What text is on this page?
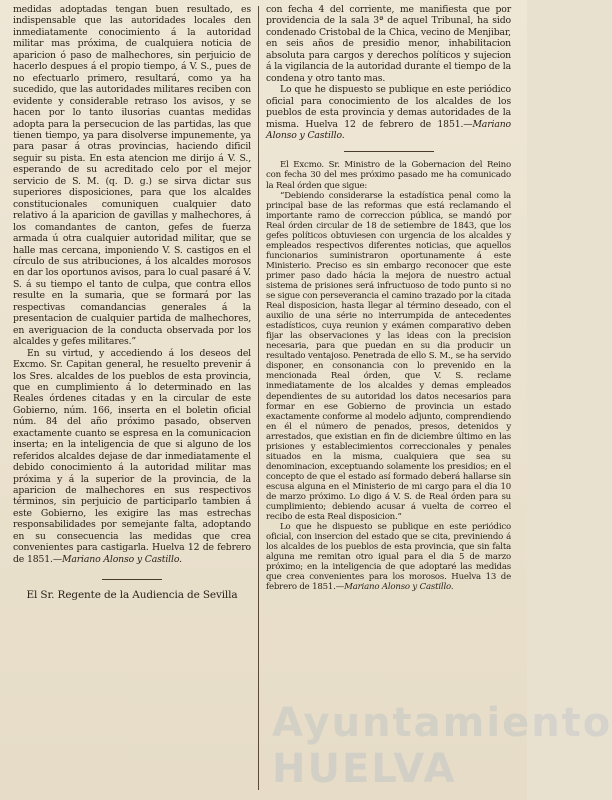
medidas adoptadas tengan buen resultado, es indispensable que las autoridades locales den inmediatamente conocimiento á la autoridad militar mas próxima, de cualquiera noticia de aparicion ó paso de malhechores, sin perjuicio de hacerlo despues á el propio tiempo, á V. S., pues de no efectuarlo primero, resultará, como ya ha sucedido, que las autoridades militares reciben con evidente y considerable retraso los avisos, y se hacen por lo tanto ilusorias cuantas medidas adopta para la persecucion de las partidas, las que tienen tiempo, ya para disolverse impunemente, ya para pasar á otras provincias, haciendo dificil seguir su pista. En esta atencion me dirijo á V. S., esperando de su acreditado celo por el mejor servicio de S. M. (q. D. g.) se sirva dictar sus superiores disposiciones, para que los alcaldes constitucionales comuniquen cualquier dato relativo á la aparicion de gavillas y malhechores, á los comandantes de canton, gefes de fuerza armada ú otra cualquier autoridad militar, que se halle mas cercana, imponiendo V. S. castigos en el círculo de sus atribuciones, á los alcaldes morosos en dar los oportunos avisos, para lo cual pasaré á V. S. á su tiempo el tanto de culpa, que contra ellos resulte en la sumaria, que se formará por las respectivas comandancias generales á la presentacion de cualquier partida de malhechores, en averiguacion de la conducta observada por los alcaldes y gefes militares.”

En su virtud, y accediendo á los deseos del Excmo. Sr. Capitan general, he resuelto prevenir á los Sres. alcaldes de los pueblos de esta provincia, que en cumplimiento á lo determinado en las Reales órdenes citadas y en la circular de este Gobierno, núm. 166, inserta en el boletin oficial núm. 84 del año próximo pasado, observen exactamente cuanto se espresa en la comunicacion inserta; en la inteligencia de que si alguno de los referidos alcaldes dejase de dar inmediatamente el debido conocimiento á la autoridad militar mas próxima y á la superior de la provincia, de la aparicion de malhechores en sus respectivos términos, sin perjuicio de participarlo tambien á este Gobierno, les exigire las mas estrechas responsabilidades por semejante falta, adoptando en su consecuencia las medidas que crea convenientes para castigarla. Huelva 12 de febrero de 1851.—Mariano Alonso y Castillo.

El Sr. Regente de la Audiencia de Sevilla

con fecha 4 del corriente, me manifiesta que por providencia de la sala 3ª de aquel Tribunal, ha sido condenado Cristobal de la Chica, vecino de Menjibar, en seis años de presidio menor, inhabilitacion absoluta para cargos y derechos políticos y sujecion á la vigilancia de la autoridad durante el tiempo de la condena y otro tanto mas.

Lo que he dispuesto se publique en este periódico oficial para conocimiento de los alcaldes de los pueblos de esta provincia y demas autoridades de la misma. Huelva 12 de febrero de 1851.—Mariano Alonso y Castillo.

El Excmo. Sr. Ministro de la Gobernacion del Reino con fecha 30 del mes próximo pasado me ha comunicado la Real órden que sigue:

“Debiendo considerarse la estadística penal como la principal base de las reformas que está reclamando el importante ramo de correccion pública, se mandó por Real órden circular de 18 de setiembre de 1843, que los gefes políticos obtuviesen con urgencia de los alcaldes y empleados respectivos diferentes noticias, que aquellos funcionarios suministraron oportunamente á este Ministerio. Preciso es sin embargo reconocer que este primer paso dado hácia la mejora de nuestro actual sistema de prisiones será infructuoso de todo punto si no se sigue con perseverancia el camino trazado por la citada Real disposicion, hasta llegar al término deseado, con el auxilio de una série no interrumpida de antecedentes estadísticos, cuya reunion y exámen comparativo deben fijar las observaciones y las ideas con la precision necesaria, para que puedan en su dia producir un resultado ventajoso. Penetrada de ello S. M., se ha servido disponer, en consonancia con lo prevenido en la mencionada Real órden, que V. S. reclame inmediatamente de los alcaldes y demas empleados dependientes de su autoridad los datos necesarios para formar en ese Gobierno de provincia un estado exactamente conforme al modelo adjunto, comprendiendo en él el número de penados, presos, detenidos y arrestados, que existian en fin de diciembre último en las prisiones y establecimientos correccionales y penales situados en la misma, cualquiera que sea su denominacion, exceptuando solamente los presidios; en el concepto de que el estado así formado deberá hallarse sin escusa alguna en el Ministerio de mi cargo para el dia 10 de marzo próximo. Lo digo á V. S. de Real órden para su cumplimiento; debiendo acusar á vuelta de correo el recibo de esta Real disposicion.”

Lo que he dispuesto se publique en este periódico oficial, con insercion del estado que se cita, previniendo á los alcaldes de los pueblos de esta provincia, que sin falta alguna me remitan otro igual para el dia 5 de marzo próximo; en la inteligencia de que adoptaré las medidas que crea convenientes para los morosos. Huelva 13 de febrero de 1851.—Mariano Alonso y Castillo.

Ayuntamiento HUELVA
